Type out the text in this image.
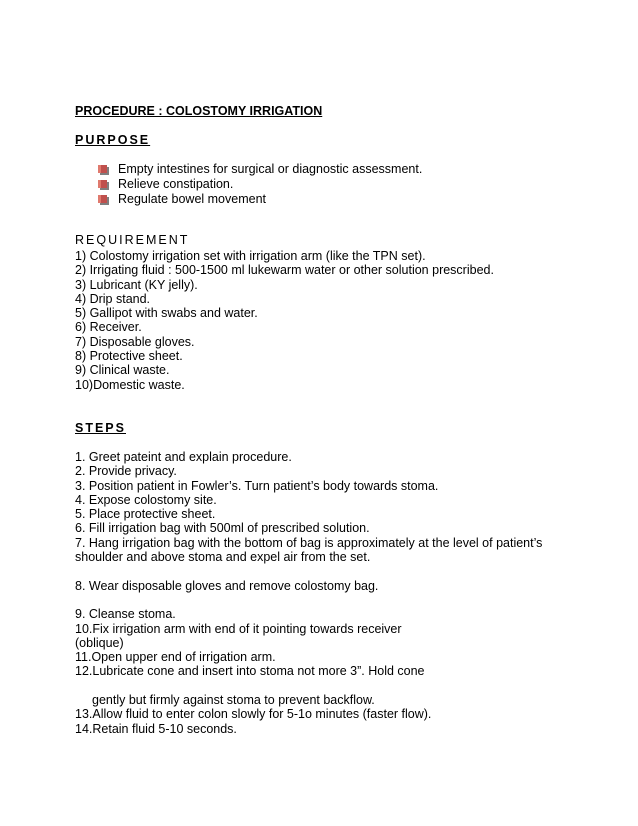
PROCEDURE : COLOSTOMY IRRIGATION
PURPOSE
Empty intestines for surgical or diagnostic assessment.
Relieve constipation.
Regulate bowel movement
REQUIREMENT
1) Colostomy irrigation set with irrigation arm (like the TPN set).
2) Irrigating fluid : 500-1500 ml lukewarm water or other solution prescribed.
3) Lubricant (KY jelly).
4) Drip stand.
5) Gallipot with swabs and water.
6) Receiver.
7) Disposable gloves.
8) Protective sheet.
9) Clinical waste.
10)Domestic waste.
STEPS
1. Greet pateint and explain procedure.
2. Provide privacy.
3. Position patient in Fowler’s. Turn patient’s body towards stoma.
4. Expose colostomy site.
5. Place protective sheet.
6. Fill irrigation bag with 500ml of prescribed solution.
7. Hang irrigation bag with the bottom of bag is approximately at the level of patient’s shoulder and above stoma and expel air from the set.
8. Wear disposable gloves and remove colostomy bag.
9. Cleanse stoma.
10.Fix irrigation arm with end of it pointing towards receiver
(oblique)
11.Open upper end of irrigation arm.
12.Lubricate cone and insert into stoma not more 3”. Hold cone
gently but firmly against stoma to prevent backflow.
13.Allow fluid to enter colon slowly for 5-1o minutes (faster flow).
14.Retain fluid 5-10 seconds.
